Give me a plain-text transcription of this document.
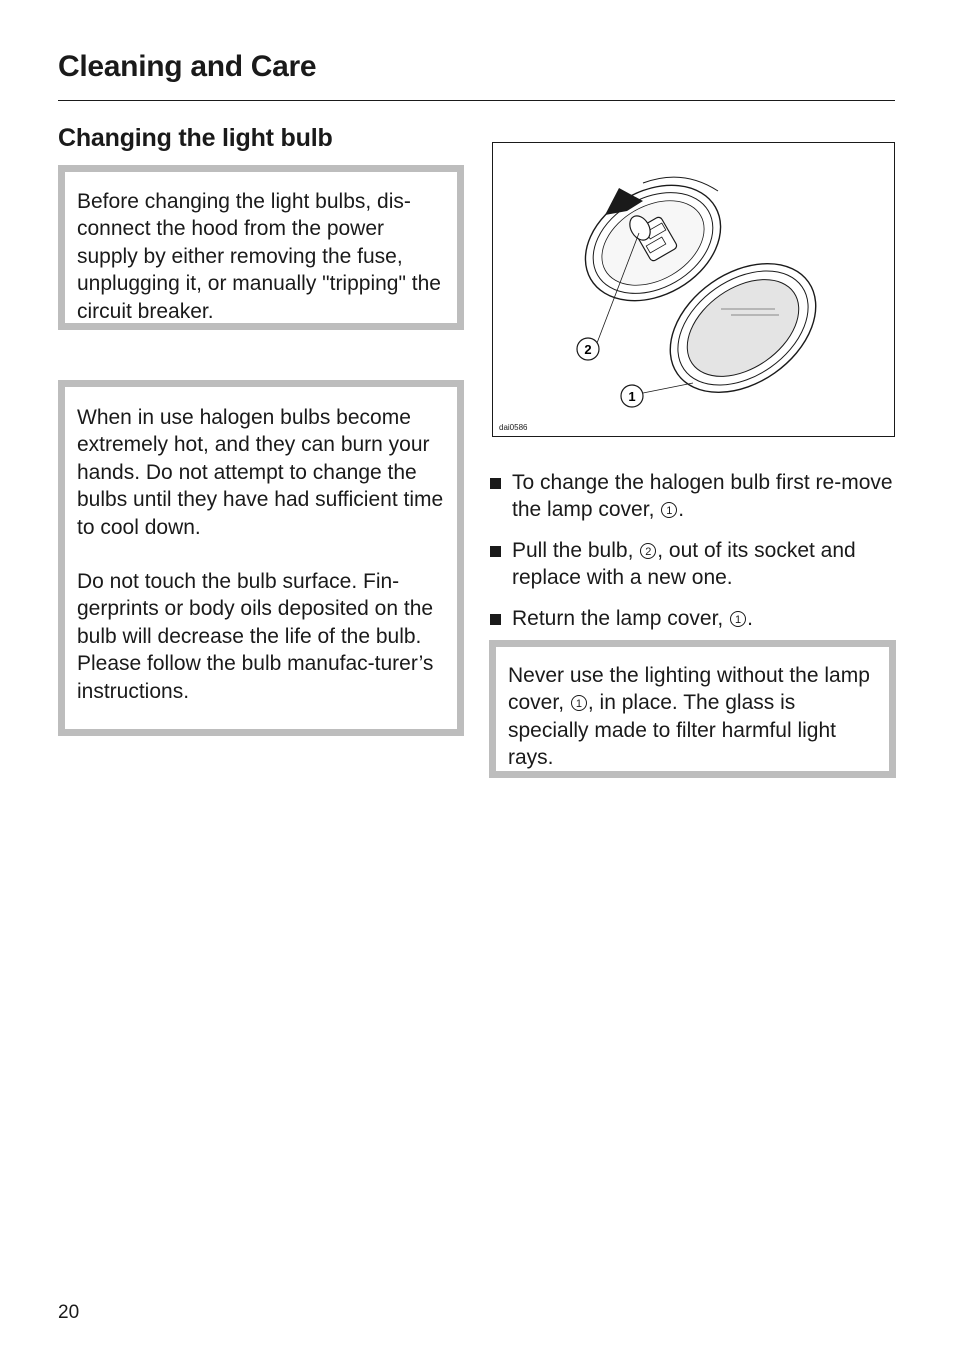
Cleaning and Care
Changing the light bulb

Before changing the light bulbs, dis-connect the hood from the power supply by either removing the fuse, unplugging it, or manually "tripping" the circuit breaker.

When in use halogen bulbs become extremely hot, and they can burn your hands. Do not attempt to change the bulbs until they have had sufficient time to cool down.

Do not touch the bulb surface. Fin-gerprints or body oils deposited on the bulb will decrease the life of the bulb.

Please follow the bulb manufac-turer’s instructions.

2
1
dai0586
To change the halogen bulb first re-move the lamp cover, 1 .
Pull the bulb, 2 , out of its socket and replace with a new one.
Return the lamp cover, 1 .

Never use the lighting without the lamp cover, 1 , in place. The glass is specially made to filter harmful light rays.

20
